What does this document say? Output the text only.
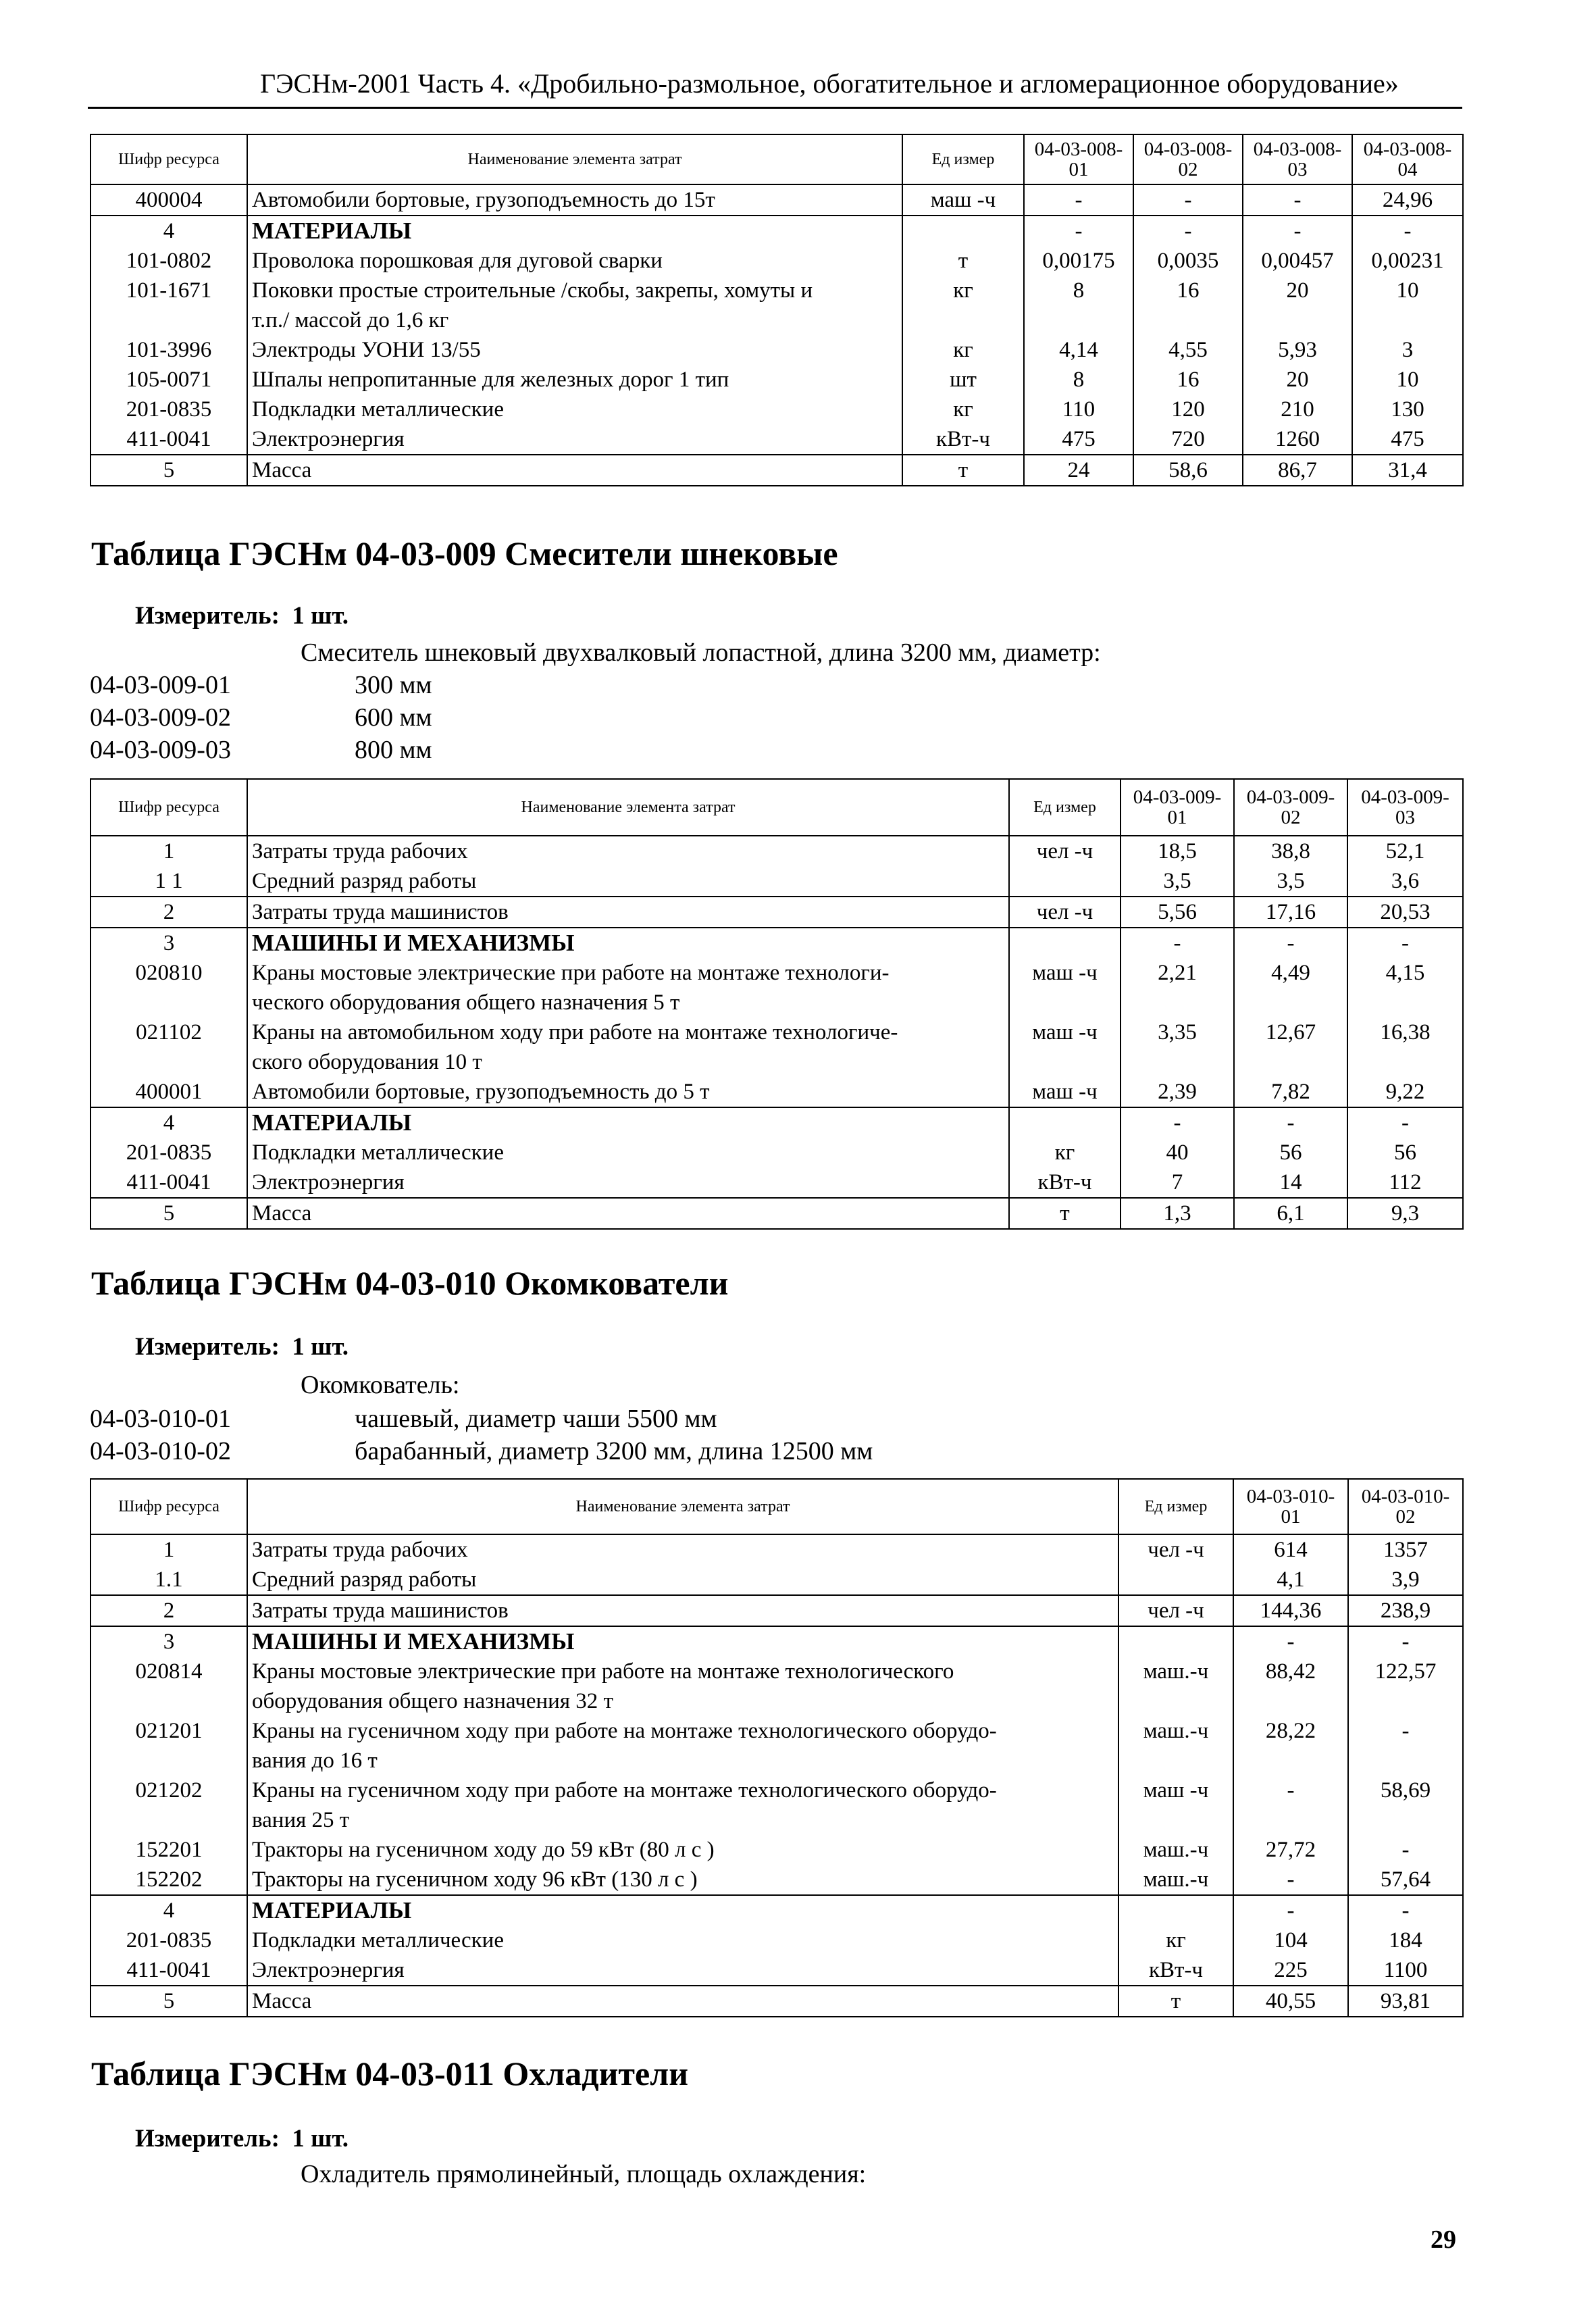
ГЭСНм-2001 Часть 4. «Дробильно-размольное, обогатительное и агломерационное оборудование»
Шифр ресурса	Наименование элемента затрат	Ед измер	04-03-008-01	04-03-008-02	04-03-008-03	04-03-008-04
400004	Автомобили бортовые, грузоподъемность до 15т	маш -ч	-	-	-	24,96
4	МАТЕРИАЛЫ		-	-	-	-
101-0802	Проволока порошковая для дуговой сварки	т	0,00175	0,0035	0,00457	0,00231
101-1671	Поковки простые строительные /скобы, закрепы, хомуты и
т.п./ массой до 1,6 кг	кг	8	16	20	10
101-3996	Электроды УОНИ 13/55	кг	4,14	4,55	5,93	3
105-0071	Шпалы непропитанные для железных дорог 1 тип	шт	8	16	20	10
201-0835	Подкладки металлические	кг	110	120	210	130
411-0041	Электроэнергия	кВт-ч	475	720	1260	475
5	Масса	т	24	58,6	86,7	31,4
Таблица ГЭСНм 04-03-009 Смесители шнековые
Измеритель: 1 шт.
Смеситель шнековый двухвалковый лопастной, длина 3200 мм, диаметр:
04-03-009-01	300 мм
04-03-009-02	600 мм
04-03-009-03	800 мм
Шифр ресурса	Наименование элемента затрат	Ед измер	04-03-009-01	04-03-009-02	04-03-009-03
1	Затраты труда рабочих	чел -ч	18,5	38,8	52,1
1 1	Средний разряд работы		3,5	3,5	3,6
2	Затраты труда машинистов	чел -ч	5,56	17,16	20,53
3	МАШИНЫ И МЕХАНИЗМЫ		-	-	-
020810	Краны мостовые электрические при работе на монтаже технологи-
ческого оборудования общего назначения 5 т	маш -ч	2,21	4,49	4,15
021102	Краны на автомобильном ходу при работе на монтаже технологиче-
ского оборудования 10 т	маш -ч	3,35	12,67	16,38
400001	Автомобили бортовые, грузоподъемность до 5 т	маш -ч	2,39	7,82	9,22
4	МАТЕРИАЛЫ		-	-	-
201-0835	Подкладки металлические	кг	40	56	56
411-0041	Электроэнергия	кВт-ч	7	14	112
5	Масса	т	1,3	6,1	9,3
Таблица ГЭСНм 04-03-010 Окомкователи
Измеритель: 1 шт.
Окомкователь:
04-03-010-01	чашевый, диаметр чаши 5500 мм
04-03-010-02	барабанный, диаметр 3200 мм, длина 12500 мм
Шифр ресурса	Наименование элемента затрат	Ед измер	04-03-010-01	04-03-010-02
1	Затраты труда рабочих	чел -ч	614	1357
1.1	Средний разряд работы		4,1	3,9
2	Затраты труда машинистов	чел -ч	144,36	238,9
3	МАШИНЫ И МЕХАНИЗМЫ		-	-
020814	Краны мостовые электрические при работе на монтаже технологического
оборудования общего назначения 32 т	маш.-ч	88,42	122,57
021201	Краны на гусеничном ходу при работе на монтаже технологического оборудо-
вания до 16 т	маш.-ч	28,22	-
021202	Краны на гусеничном ходу при работе на монтаже технологического оборудо-
вания 25 т	маш -ч	-	58,69
152201	Тракторы на гусеничном ходу до 59 кВт (80 л с )	маш.-ч	27,72	-
152202	Тракторы на гусеничном ходу 96 кВт (130 л с )	маш.-ч	-	57,64
4	МАТЕРИАЛЫ		-	-
201-0835	Подкладки металлические	кг	104	184
411-0041	Электроэнергия	кВт-ч	225	1100
5	Масса	т	40,55	93,81
Таблица ГЭСНм 04-03-011 Охладители
Измеритель: 1 шт.
Охладитель прямолинейный, площадь охлаждения:
29
